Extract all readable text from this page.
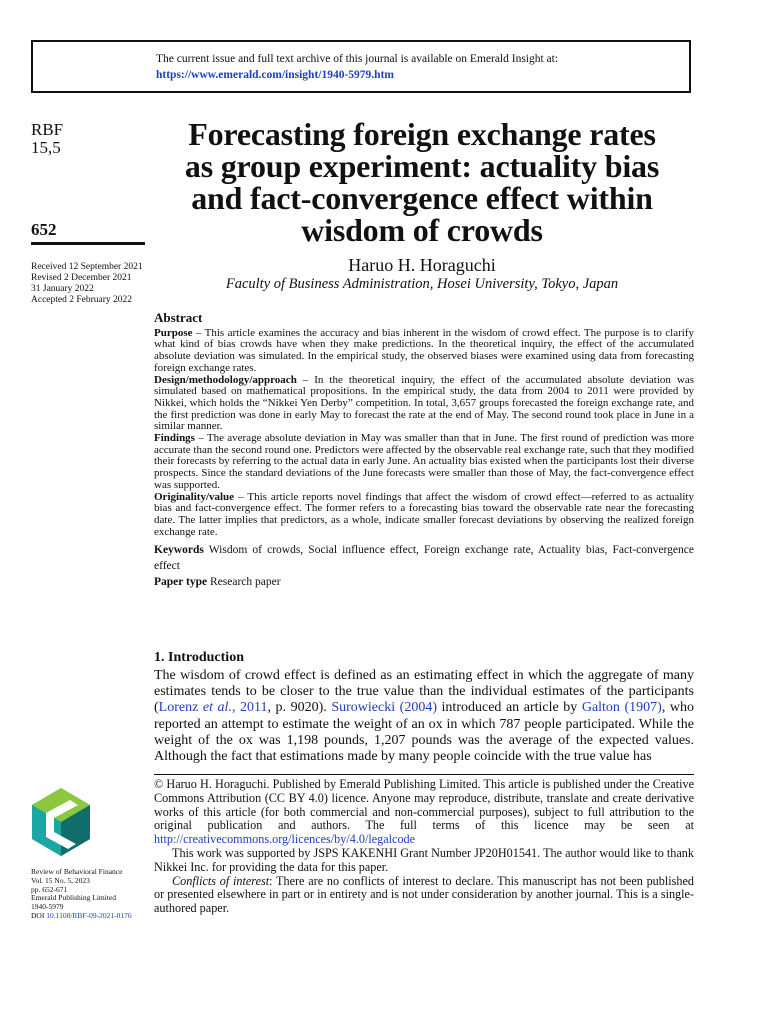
The current issue and full text archive of this journal is available on Emerald Insight at:
https://www.emerald.com/insight/1940-5979.htm
RBF
15,5
652
Received 12 September 2021
Revised 2 December 2021
31 January 2022
Accepted 2 February 2022
Forecasting foreign exchange rates
as group experiment: actuality bias
and fact-convergence effect within
wisdom of crowds
Haruo H. Horaguchi
Faculty of Business Administration, Hosei University, Tokyo, Japan
Abstract

Purpose – This article examines the accuracy and bias inherent in the wisdom of crowd effect. The purpose is to clarify what kind of bias crowds have when they make predictions. In the theoretical inquiry, the effect of the accumulated absolute deviation was simulated. In the empirical study, the observed biases were examined using data from forecasting foreign exchange rates.

Design/methodology/approach – In the theoretical inquiry, the effect of the accumulated absolute deviation was simulated based on mathematical propositions. In the empirical study, the data from 2004 to 2011 were provided by Nikkei, which holds the “Nikkei Yen Derby” competition. In total, 3,657 groups forecasted the foreign exchange rate, and the first prediction was done in early May to forecast the rate at the end of May. The second round took place in June in a similar manner.

Findings – The average absolute deviation in May was smaller than that in June. The first round of prediction was more accurate than the second round one. Predictors were affected by the observable real exchange rate, such that they modified their forecasts by referring to the actual data in early June. An actuality bias existed when the participants lost their diverse prospects. Since the standard deviations of the June forecasts were smaller than those of May, the fact-convergence effect was supported.

Originality/value – This article reports novel findings that affect the wisdom of crowd effect—referred to as actuality bias and fact-convergence effect. The former refers to a forecasting bias toward the observable rate near the forecasting date. The latter implies that predictors, as a whole, indicate smaller forecast deviations by observing the realized foreign exchange rate.

Keywords Wisdom of crowds, Social influence effect, Foreign exchange rate, Actuality bias, Fact-convergence effect
Paper type Research paper

1. Introduction

The wisdom of crowd effect is defined as an estimating effect in which the aggregate of many estimates tends to be closer to the true value than the individual estimates of the participants (Lorenz et al., 2011, p. 9020). Surowiecki (2004) introduced an article by Galton (1907), who reported an attempt to estimate the weight of an ox in which 787 people participated. While the weight of the ox was 1,198 pounds, 1,207 pounds was the average of the expected values. Although the fact that estimations made by many people coincide with the true value has

© Haruo H. Horaguchi. Published by Emerald Publishing Limited. This article is published under the Creative Commons Attribution (CC BY 4.0) licence. Anyone may reproduce, distribute, translate and create derivative works of this article (for both commercial and non-commercial purposes), subject to full attribution to the original publication and authors. The full terms of this licence may be seen at http://creativecommons.org/licences/by/4.0/legalcode

This work was supported by JSPS KAKENHI Grant Number JP20H01541. The author would like to thank Nikkei Inc. for providing the data for this paper.

Conflicts of interest: There are no conflicts of interest to declare. This manuscript has not been published or presented elsewhere in part or in entirety and is not under consideration by another journal. This is a single-authored paper.

Review of Behavioral Finance
Vol. 15 No. 5, 2023
pp. 652-671
Emerald Publishing Limited
1940-5979
DOI 10.1108/RBF-09-2021-0176
